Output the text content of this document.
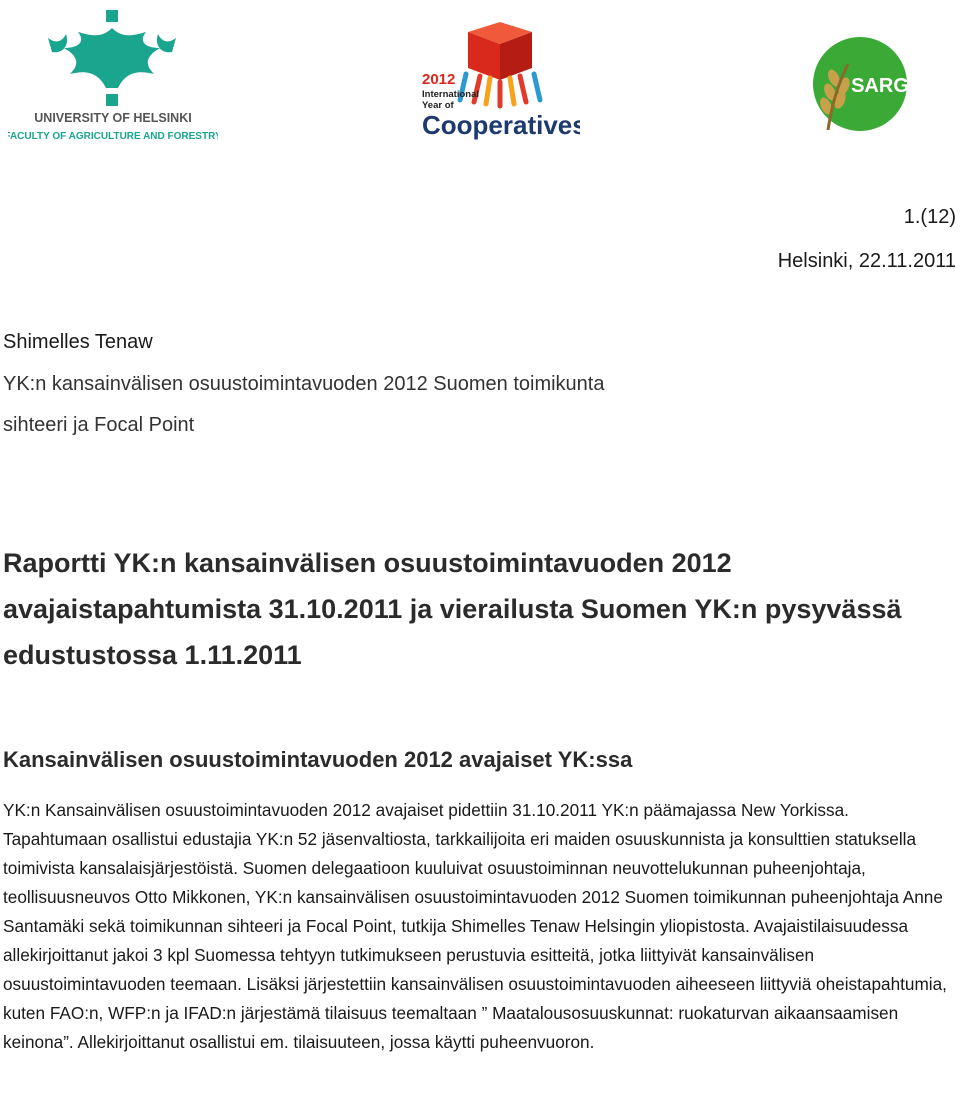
UNIVERSITY OF HELSINKI
FACULTY OF AGRICULTURE AND FORESTRY
2012
International
Year of
Cooperatives
SARG
1.(12)
Helsinki, 22.11.2011
Shimelles Tenaw
YK:n kansainvälisen osuustoimintavuoden 2012 Suomen toimikunta
sihteeri ja Focal Point
Raportti YK:n kansainvälisen osuustoimintavuoden 2012 avajaistapahtumista 31.10.2011 ja vierailusta Suomen YK:n pysyvässä edustustossa 1.11.2011
Kansainvälisen osuustoimintavuoden 2012 avajaiset YK:ssa
YK:n Kansainvälisen osuustoimintavuoden 2012 avajaiset pidettiin 31.10.2011 YK:n päämajassa New Yorkissa. Tapahtumaan osallistui edustajia YK:n 52 jäsenvaltiosta, tarkkailijoita eri maiden osuuskunnista ja konsulttien statuksella toimivista kansalaisjärjestöistä. Suomen delegaatioon kuuluivat osuustoiminnan neuvottelukunnan puheenjohtaja, teollisuusneuvos Otto Mikkonen, YK:n kansainvälisen osuustoimintavuoden 2012 Suomen toimikunnan puheenjohtaja Anne Santamäki sekä toimikunnan sihteeri ja Focal Point, tutkija Shimelles Tenaw Helsingin yliopistosta. Avajaistilaisuudessa allekirjoittanut jakoi 3 kpl Suomessa tehtyyn tutkimukseen perustuvia esitteitä, jotka liittyivät kansainvälisen osuustoimintavuoden teemaan. Lisäksi järjestettiin kansainvälisen osuustoimintavuoden aiheeseen liittyviä oheistapahtumia, kuten FAO:n, WFP:n ja IFAD:n järjestämä tilaisuus teemaltaan ” Maatalousosuuskunnat: ruokaturvan aikaansaamisen keinona”. Allekirjoittanut osallistui em. tilaisuuteen, jossa käytti puheenvuoron.
